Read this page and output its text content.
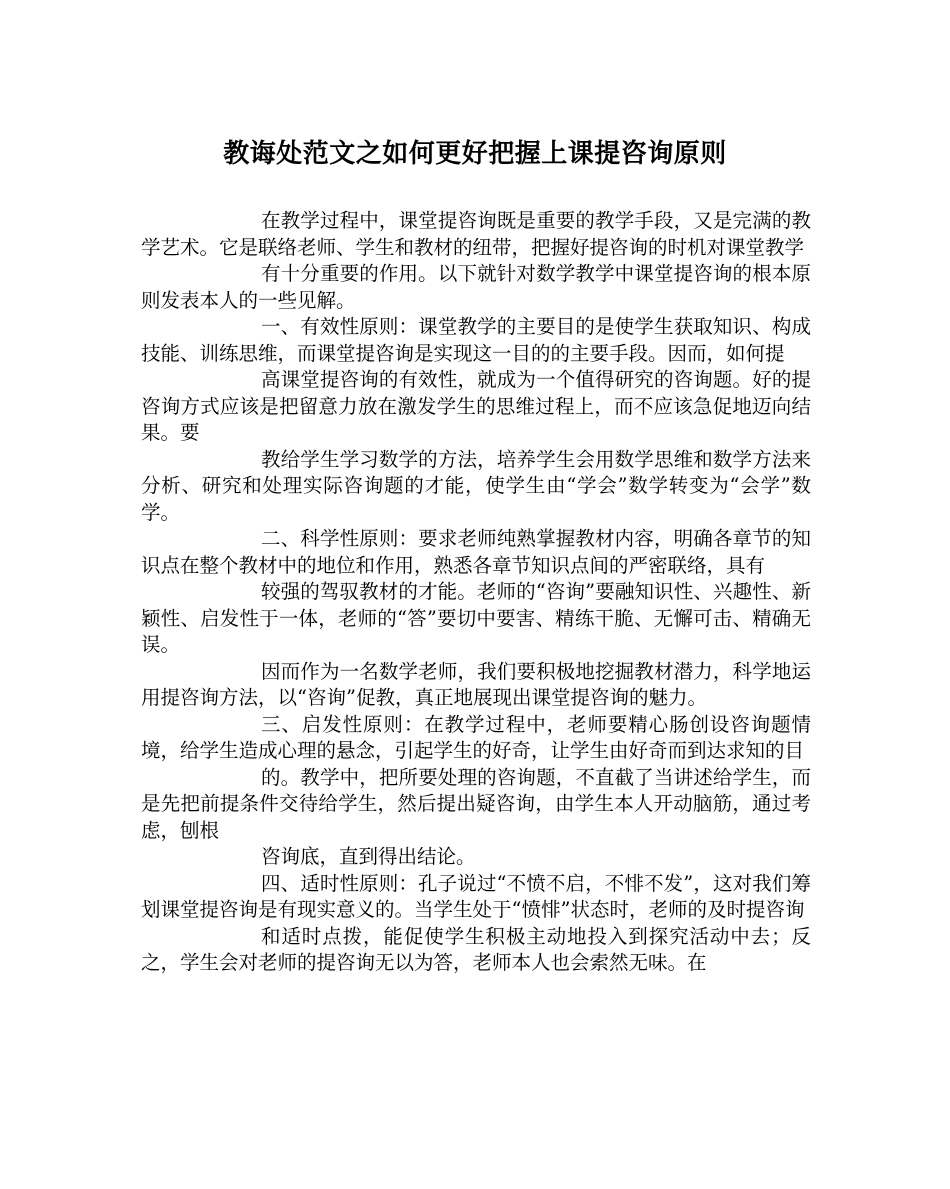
教诲处范文之如何更好把握上课提咨询原则

在教学过程中，课堂提咨询既是重要的教学手段，又是完满的教学艺术。它是联络老师、学生和教材的纽带，把握好提咨询的时机对课堂教学

有十分重要的作用。以下就针对数学教学中课堂提咨询的根本原则发表本人的一些见解。

一、有效性原则：课堂教学的主要目的是使学生获取知识、构成技能、训练思维，而课堂提咨询是实现这一目的的主要手段。因而，如何提

高课堂提咨询的有效性，就成为一个值得研究的咨询题。好的提咨询方式应该是把留意力放在激发学生的思维过程上，而不应该急促地迈向结果。要

教给学生学习数学的方法，培养学生会用数学思维和数学方法来分析、研究和处理实际咨询题的才能，使学生由“学会”数学转变为“会学”数学。

二、科学性原则：要求老师纯熟掌握教材内容，明确各章节的知识点在整个教材中的地位和作用，熟悉各章节知识点间的严密联络，具有

较强的驾驭教材的才能。老师的“咨询”要融知识性、兴趣性、新颖性、启发性于一体，老师的“答”要切中要害、精练干脆、无懈可击、精确无误。

因而作为一名数学老师，我们要积极地挖掘教材潜力，科学地运用提咨询方法，以“咨询”促教，真正地展现出课堂提咨询的魅力。

三、启发性原则：在教学过程中，老师要精心肠创设咨询题情境，给学生造成心理的悬念，引起学生的好奇，让学生由好奇而到达求知的目

的。教学中，把所要处理的咨询题，不直截了当讲述给学生，而是先把前提条件交待给学生，然后提出疑咨询，由学生本人开动脑筋，通过考虑，刨根

咨询底，直到得出结论。

四、适时性原则：孔子说过“不愤不启，不悱不发”，这对我们筹划课堂提咨询是有现实意义的。当学生处于“愤悱”状态时，老师的及时提咨询

和适时点拨，能促使学生积极主动地投入到探究活动中去；反之，学生会对老师的提咨询无以为答，老师本人也会索然无味。在
